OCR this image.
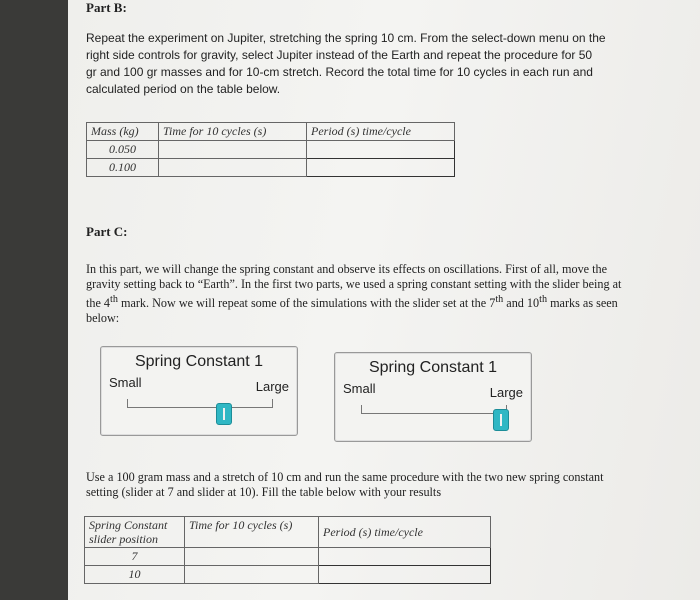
Part B:
Repeat the experiment on Jupiter, stretching the spring 10 cm. From the select-down menu on the right side controls for gravity, select Jupiter instead of the Earth and repeat the procedure for 50 gr and 100 gr masses and for 10-cm stretch. Record the total time for 10 cycles in each run and calculated period on the table below.
Mass (kg)	Time for 10 cycles (s)	Period (s) time/cycle
0.050		
0.100		
Part C:
In this part, we will change the spring constant and observe its effects on oscillations. First of all, move the gravity setting back to “Earth”. In the first two parts, we used a spring constant setting with the slider being at the 4th mark. Now we will repeat some of the simulations with the slider set at the 7th and 10th marks as seen below:
Spring Constant 1
Small	Large
Spring Constant 1
Small	Large
Use a 100 gram mass and a stretch of 10 cm and run the same procedure with the two new spring constant setting (slider at 7 and slider at 10). Fill the table below with your results
Spring Constant slider position	Time for 10 cycles (s)	Period (s) time/cycle
7		
10		
